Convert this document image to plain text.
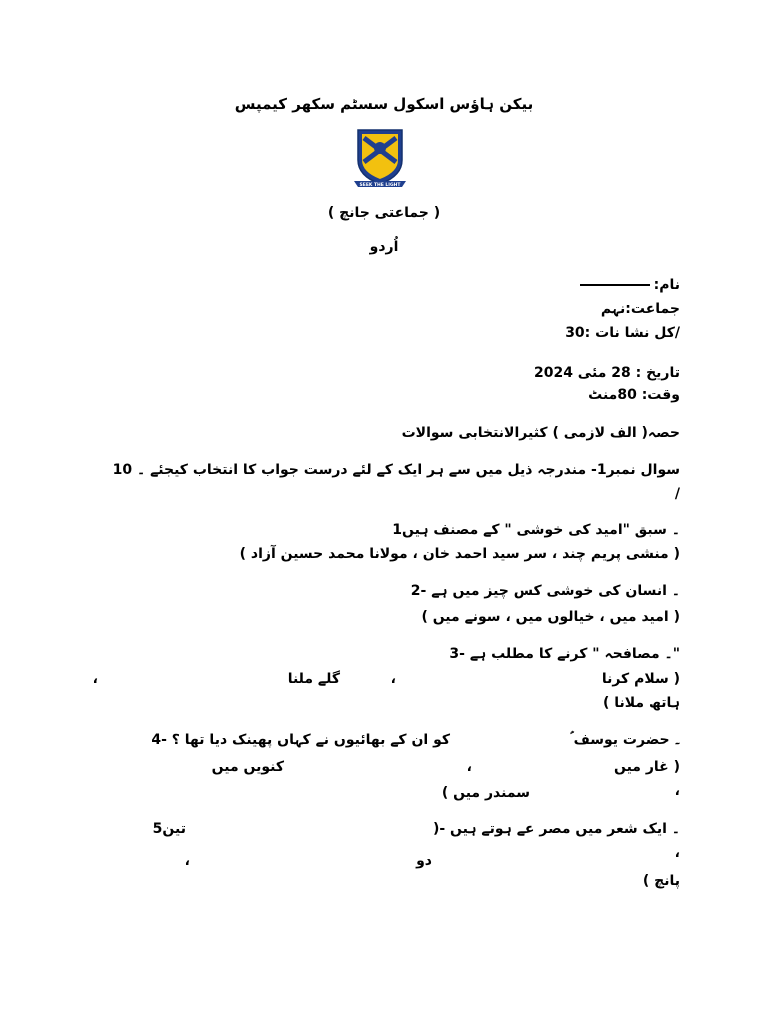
بیکن ہاؤس اسکول سسٹم سکھر کیمپس
SEEK THE LIGHT
( جماعتی جانچ )
اُردو
نام:
جماعت:نہم
/کل نشا نات :30
تاریخ : 28 مئی 2024
وقت: 80منٹ
حصہ( الف لازمی ) کثیرالانتخابی سوالات
سوال نمبر1- مندرجہ ذیل میں سے ہر ایک کے لئے درست جواب کا انتخاب کیجئے ۔ 10
/
۔ سبق "امید کی خوشی " کے مصنف ہیں1
( منشی پریم چند ، سر سید احمد خان ، مولانا محمد حسین آزاد )
۔ انسان کی خوشی کس چیز میں ہے -2
( امید میں ، خیالوں میں ، سونے میں )
"۔ مصافحہ " کرنے کا مطلب ہے -3
( سلام کرنا
،
گلے ملنا
،
ہاتھ ملانا )
۔ حضرت یوسف ؑ
کو ان کے بھائیوں نے کہاں پھینک دیا تھا ؟ -4
( غار میں
،
کنویں میں
،
سمندر میں )
۔ ایک شعر میں مصر عے ہوتے ہیں -(
تین5
،
دو
،
پانچ )
